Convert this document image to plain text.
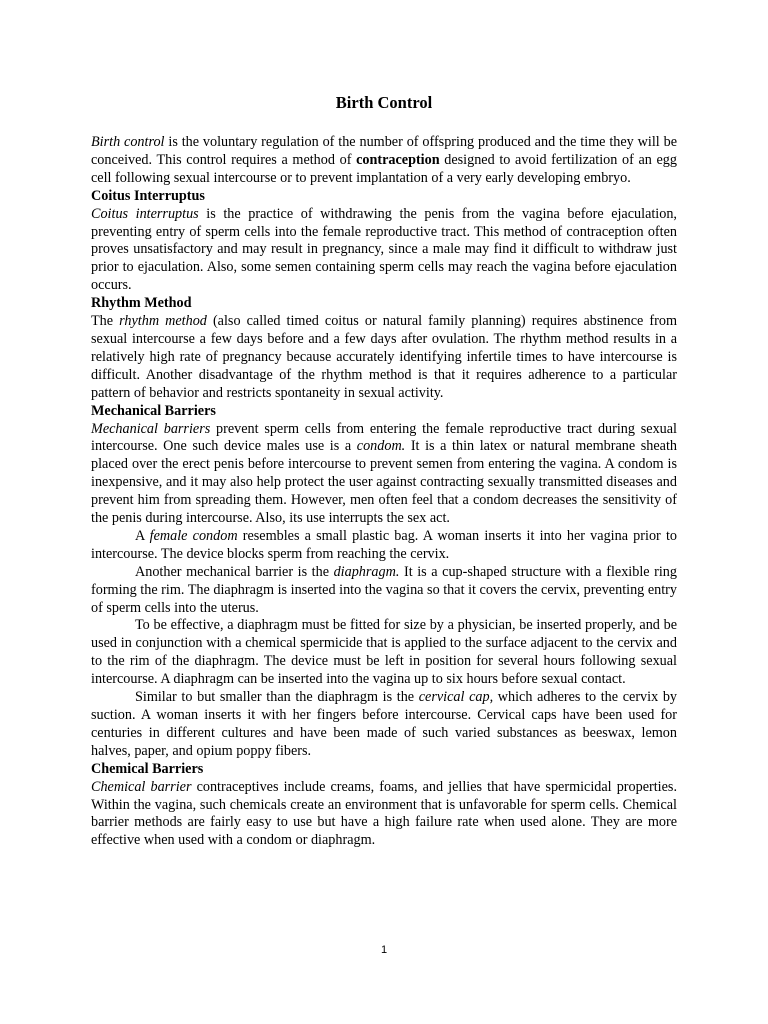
Birth Control

Birth control is the voluntary regulation of the number of offspring produced and the time they will be conceived. This control requires a method of contraception designed to avoid fertilization of an egg cell following sexual intercourse or to prevent implantation of a very early developing embryo.

Coitus Interruptus

Coitus interruptus is the practice of withdrawing the penis from the vagina before ejaculation, preventing entry of sperm cells into the female reproductive tract. This method of contraception often proves unsatisfactory and may result in pregnancy, since a male may find it difficult to withdraw just prior to ejaculation. Also, some semen containing sperm cells may reach the vagina before ejaculation occurs.

Rhythm Method

The rhythm method (also called timed coitus or natural family planning) requires abstinence from sexual intercourse a few days before and a few days after ovulation. The rhythm method results in a relatively high rate of pregnancy because accurately identifying infertile times to have intercourse is difficult. Another disadvantage of the rhythm method is that it requires adherence to a particular pattern of behavior and restricts spontaneity in sexual activity.

Mechanical Barriers

Mechanical barriers prevent sperm cells from entering the female reproductive tract during sexual intercourse. One such device males use is a condom. It is a thin latex or natural membrane sheath placed over the erect penis before intercourse to prevent semen from entering the vagina. A condom is inexpensive, and it may also help protect the user against contracting sexually transmitted diseases and prevent him from spreading them. However, men often feel that a condom decreases the sensitivity of the penis during intercourse. Also, its use interrupts the sex act.

A female condom resembles a small plastic bag. A woman inserts it into her vagina prior to intercourse. The device blocks sperm from reaching the cervix.

Another mechanical barrier is the diaphragm. It is a cup-shaped structure with a flexible ring forming the rim. The diaphragm is inserted into the vagina so that it covers the cervix, preventing entry of sperm cells into the uterus.

To be effective, a diaphragm must be fitted for size by a physician, be inserted properly, and be used in conjunction with a chemical spermicide that is applied to the surface adjacent to the cervix and to the rim of the diaphragm. The device must be left in position for several hours following sexual intercourse. A diaphragm can be inserted into the vagina up to six hours before sexual contact.

Similar to but smaller than the diaphragm is the cervical cap, which adheres to the cervix by suction. A woman inserts it with her fingers before intercourse. Cervical caps have been used for centuries in different cultures and have been made of such varied substances as beeswax, lemon halves, paper, and opium poppy fibers.

Chemical Barriers

Chemical barrier contraceptives include creams, foams, and jellies that have spermicidal properties. Within the vagina, such chemicals create an environment that is unfavorable for sperm cells. Chemical barrier methods are fairly easy to use but have a high failure rate when used alone. They are more effective when used with a condom or diaphragm.

1
